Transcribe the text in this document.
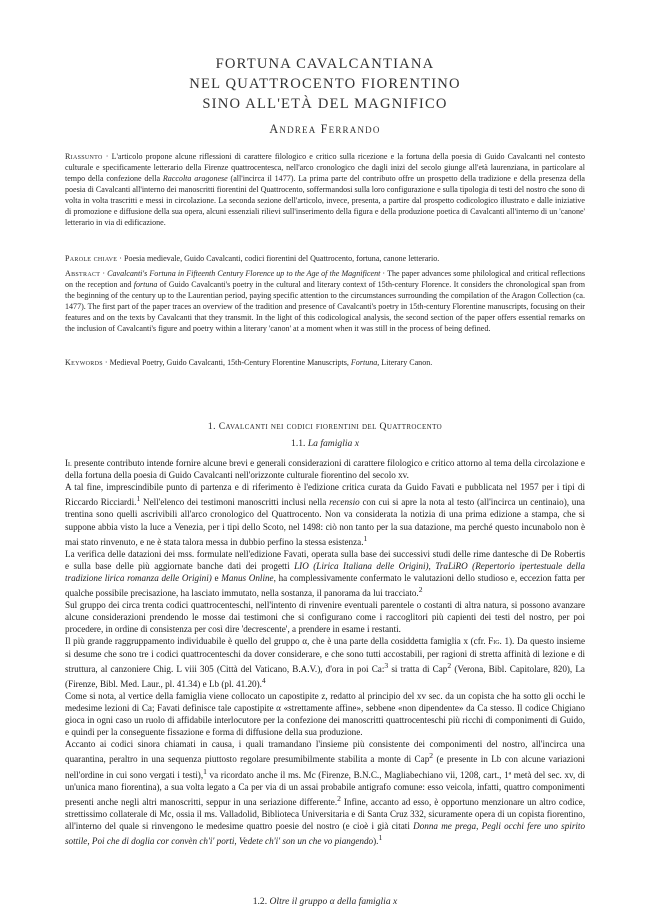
FORTUNA CAVALCANTIANA
NEL QUATTROCENTO FIORENTINO
SINO ALL'ETÀ DEL MAGNIFICO
Andrea Ferrando

Riassunto · L'articolo propone alcune riflessioni di carattere filologico e critico sulla ricezione e la fortuna della poesia di Guido Cavalcanti nel contesto culturale e specificamente letterario della Firenze quattrocentesca, nell'arco cronologico che dagli inizi del secolo giunge all'età laurenziana, in particolare al tempo della confezione della Raccolta aragonese (all'incirca il 1477). La prima parte del contributo offre un prospetto della tradizione e della presenza della poesia di Cavalcanti all'interno dei manoscritti fiorentini del Quattrocento, soffermandosi sulla loro configurazione e sulla tipologia di testi del nostro che sono di volta in volta trascritti e messi in circolazione. La seconda sezione dell'articolo, invece, presenta, a partire dal prospetto codicologico illustrato e dalle iniziative di promozione e diffusione della sua opera, alcuni essenziali rilievi sull'inserimento della figura e della produzione poetica di Cavalcanti all'interno di un 'canone' letterario in via di edificazione.

Parole chiave · Poesia medievale, Guido Cavalcanti, codici fiorentini del Quattrocento, fortuna, canone letterario.

Abstract · Cavalcanti's Fortuna in Fifteenth Century Florence up to the Age of the Magnificent · The paper advances some philological and critical reflections on the reception and fortuna of Guido Cavalcanti's poetry in the cultural and literary context of 15th-century Florence. It considers the chronological span from the beginning of the century up to the Laurentian period, paying specific attention to the circumstances surrounding the compilation of the Aragon Collection (ca. 1477). The first part of the paper traces an overview of the tradition and presence of Cavalcanti's poetry in 15th-century Florentine manuscripts, focusing on their features and on the texts by Cavalcanti that they transmit. In the light of this codicological analysis, the second section of the paper offers essential remarks on the inclusion of Cavalcanti's figure and poetry within a literary 'canon' at a moment when it was still in the process of being defined.

Keywords · Medieval Poetry, Guido Cavalcanti, 15th-Century Florentine Manuscripts, Fortuna, Literary Canon.

1. Cavalcanti nei codici fiorentini del Quattrocento
1.1. La famiglia x

Il presente contributo intende fornire alcune brevi e generali considerazioni di carattere filologico e critico attorno al tema della circolazione e della fortuna della poesia di Guido Cavalcanti nell'orizzonte culturale fiorentino del secolo xv.

A tal fine, imprescindibile punto di partenza e di riferimento è l'edizione critica curata da Guido Favati e pubblicata nel 1957 per i tipi di Riccardo Ricciardi.$^1$ Nell'elenco dei testimoni manoscritti inclusi nella recensio con cui si apre la nota al testo (all'incirca un centinaio), una trentina sono quelli ascrivibili all'arco cronologico del Quattrocento. Non va considerata la notizia di una prima edizione a stampa, che si suppone abbia visto la luce a Venezia, per i tipi dello Scoto, nel 1498: ciò non tanto per la sua datazione, ma perché questo incunabolo non è mai stato rinvenuto, e ne è stata talora messa in dubbio perfino la stessa esistenza.$^1$

La verifica delle datazioni dei mss. formulate nell'edizione Favati, operata sulla base dei successivi studi delle rime dantesche di De Robertis e sulla base delle più aggiornate banche dati dei progetti LIO (Lirica Italiana delle Origini), TraLiRO (Repertorio ipertestuale della tradizione lirica romanza delle Origini) e Manus Online, ha complessivamente confermato le valutazioni dello studioso e, eccezion fatta per qualche possibile precisazione, ha lasciato immutato, nella sostanza, il panorama da lui tracciato.$^2$

Sul gruppo dei circa trenta codici quattrocenteschi, nell'intento di rinvenire eventuali parentele o costanti di altra natura, si possono avanzare alcune considerazioni prendendo le mosse dai testimoni che si configurano come i raccoglitori più capienti dei testi del nostro, per poi procedere, in ordine di consistenza per così dire 'decrescente', a prendere in esame i restanti.

Il più grande raggruppamento individuabile è quello del gruppo α, che è una parte della cosiddetta famiglia x (cfr. Fig. 1). Da questo insieme si desume che sono tre i codici quattrocenteschi da dover considerare, e che sono tutti accostabili, per ragioni di stretta affinità di lezione e di struttura, al canzoniere Chig. L viii 305 (Città del Vaticano, B.A.V.), d'ora in poi Ca:$^3$ si tratta di Cap$^2$ (Verona, Bibl. Capitolare, 820), La (Firenze, Bibl. Med. Laur., pl. 41.34) e Lb (pl. 41.20).$^4$

Come si nota, al vertice della famiglia viene collocato un capostipite z, redatto al principio del xv sec. da un copista che ha sotto gli occhi le medesime lezioni di Ca; Favati definisce tale capostipite α «strettamente affine», sebbene «non dipendente» da Ca stesso. Il codice Chigiano gioca in ogni caso un ruolo di affidabile interlocutore per la confezione dei manoscritti quattrocenteschi più ricchi di componimenti di Guido, e quindi per la conseguente fissazione e forma di diffusione della sua produzione.

Accanto ai codici sinora chiamati in causa, i quali tramandano l'insieme più consistente dei componimenti del nostro, all'incirca una quarantina, peraltro in una sequenza piuttosto regolare presumibilmente stabilita a monte di Cap$^2$ (e presente in Lb con alcune variazioni nell'ordine in cui sono vergati i testi),$^1$ va ricordato anche il ms. Mc (Firenze, B.N.C., Magliabechiano vii, 1208, cart., 1ª metà del sec. xv, di un'unica mano fiorentina), a sua volta legato a Ca per via di un assai probabile antigrafo comune: esso veicola, infatti, quattro componimenti presenti anche negli altri manoscritti, seppur in una seriazione differente.$^2$ Infine, accanto ad esso, è opportuno menzionare un altro codice, strettissimo collaterale di Mc, ossia il ms. Valladolid, Biblioteca Universitaria e di Santa Cruz 332, sicuramente opera di un copista fiorentino, all'interno del quale si rinvengono le medesime quattro poesie del nostro (e cioè i già citati Donna me prega, Pegli occhi fere uno spirito sottile, Poi che di doglia cor convèn ch'i' porti, Vedete ch'i' son un che vo piangendo).$^1$

1.2. Oltre il gruppo α della famiglia x
